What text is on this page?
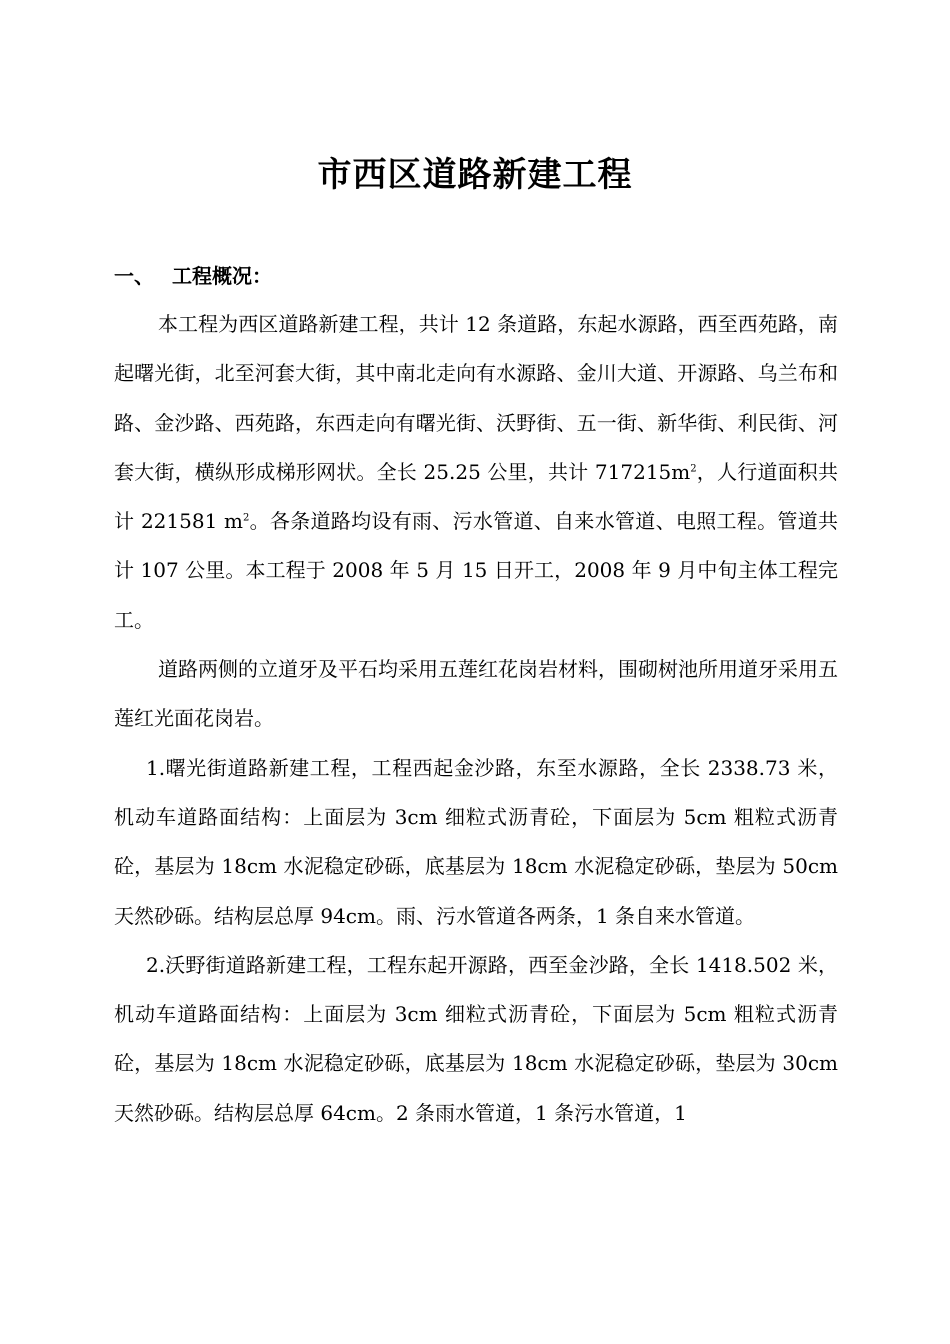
市西区道路新建工程
一、 工程概况：

本工程为西区道路新建工程，共计 12 条道路，东起水源路，西至西苑路，南起曙光街，北至河套大街，其中南北走向有水源路、金川大道、开源路、乌兰布和路、金沙路、西苑路，东西走向有曙光街、沃野街、五一街、新华街、利民街、河套大街，横纵形成梯形网状。全长 25.25 公里，共计 $717215m^2$，人行道面积共计 221581 $m^2$。各条道路均设有雨、污水管道、自来水管道、电照工程。管道共计 107 公里。本工程于 2008 年 5 月 15 日开工，2008 年 9 月中旬主体工程完工。

道路两侧的立道牙及平石均采用五莲红花岗岩材料，围砌树池所用道牙采用五莲红光面花岗岩。

1.曙光街道路新建工程，工程西起金沙路，东至水源路，全长 2338.73 米，机动车道路面结构：上面层为 3cm 细粒式沥青砼，下面层为 5cm 粗粒式沥青砼，基层为 18cm 水泥稳定砂砾，底基层为 18cm 水泥稳定砂砾，垫层为 50cm 天然砂砾。结构层总厚 94cm。雨、污水管道各两条，1 条自来水管道。

2.沃野街道路新建工程，工程东起开源路，西至金沙路，全长 1418.502 米，机动车道路面结构：上面层为 3cm 细粒式沥青砼，下面层为 5cm 粗粒式沥青砼，基层为 18cm 水泥稳定砂砾，底基层为 18cm 水泥稳定砂砾，垫层为 30cm 天然砂砾。结构层总厚 64cm。2 条雨水管道，1 条污水管道，1
